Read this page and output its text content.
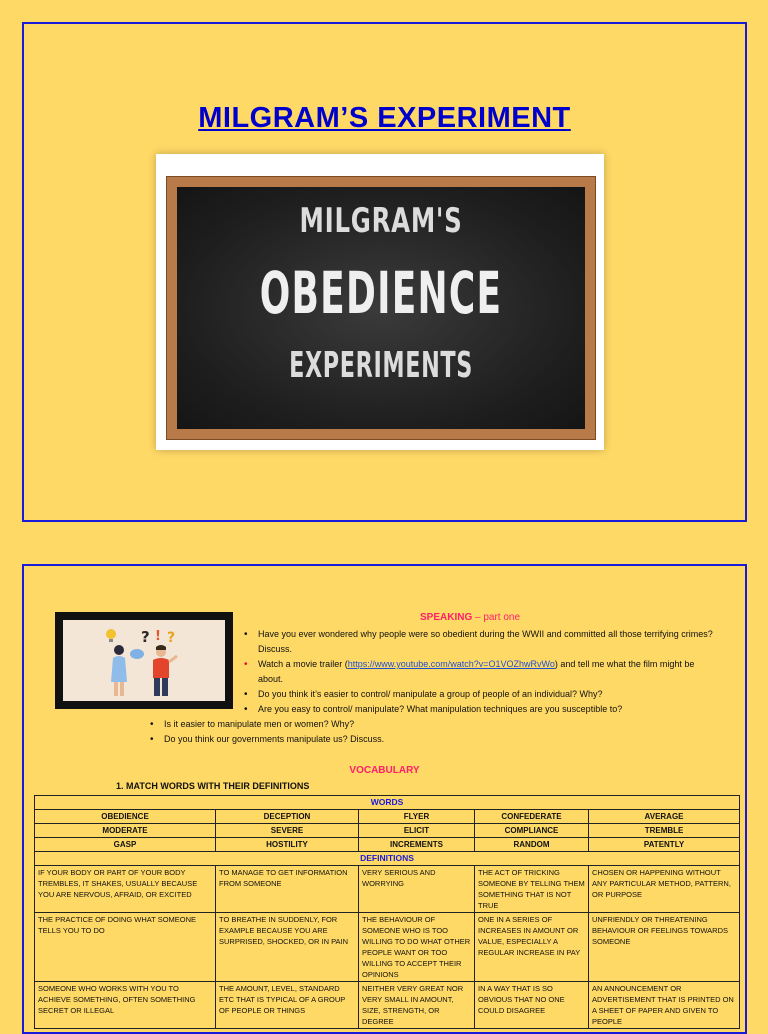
MILGRAM’S EXPERIMENT
MILGRAM'S
OBEDIENCE
EXPERIMENTS
? ! ?
SPEAKING – part one
• Have you ever wondered why people were so obedient during the WWII and committed all those terrifying crimes? Discuss.
• Watch a movie trailer (https://www.youtube.com/watch?v=O1VOZhwRvWo) and tell me what the film might be about.
• Do you think it’s easier to control/ manipulate a group of people of an individual? Why?
• Are you easy to control/ manipulate? What manipulation techniques are you susceptible to?
• Is it easier to manipulate men or women? Why?
• Do you think our governments manipulate us? Discuss.
VOCABULARY
1. MATCH WORDS WITH THEIR DEFINITIONS
WORDS				
OBEDIENCE	DECEPTION	FLYER	CONFEDERATE	AVERAGE
MODERATE	SEVERE	ELICIT	COMPLIANCE	TREMBLE
GASP	HOSTILITY	INCREMENTS	RANDOM	PATENTLY
DEFINITIONS				
IF YOUR BODY OR PART OF YOUR BODY TREMBLES, IT SHAKES, USUALLY BECAUSE YOU ARE NERVOUS, AFRAID, OR EXCITED	TO MANAGE TO GET INFORMATION FROM SOMEONE	VERY SERIOUS AND WORRYING	THE ACT OF TRICKING SOMEONE BY TELLING THEM SOMETHING THAT IS NOT TRUE	CHOSEN OR HAPPENING WITHOUT ANY PARTICULAR METHOD, PATTERN, OR PURPOSE
THE PRACTICE OF DOING WHAT SOMEONE TELLS YOU TO DO	TO BREATHE IN SUDDENLY, FOR EXAMPLE BECAUSE YOU ARE SURPRISED, SHOCKED, OR IN PAIN	THE BEHAVIOUR OF SOMEONE WHO IS TOO WILLING TO DO WHAT OTHER PEOPLE WANT OR TOO WILLING TO ACCEPT THEIR OPINIONS	ONE IN A SERIES OF INCREASES IN AMOUNT OR VALUE, ESPECIALLY A REGULAR INCREASE IN PAY	UNFRIENDLY OR THREATENING BEHAVIOUR OR FEELINGS TOWARDS SOMEONE
SOMEONE WHO WORKS WITH YOU TO ACHIEVE SOMETHING, OFTEN SOMETHING SECRET OR ILLEGAL	THE AMOUNT, LEVEL, STANDARD ETC THAT IS TYPICAL OF A GROUP OF PEOPLE OR THINGS	NEITHER VERY GREAT NOR VERY SMALL IN AMOUNT, SIZE, STRENGTH, OR DEGREE	IN A WAY THAT IS SO OBVIOUS THAT NO ONE COULD DISAGREE	AN ANNOUNCEMENT OR ADVERTISEMENT THAT IS PRINTED ON A SHEET OF PAPER AND GIVEN TO PEOPLE
